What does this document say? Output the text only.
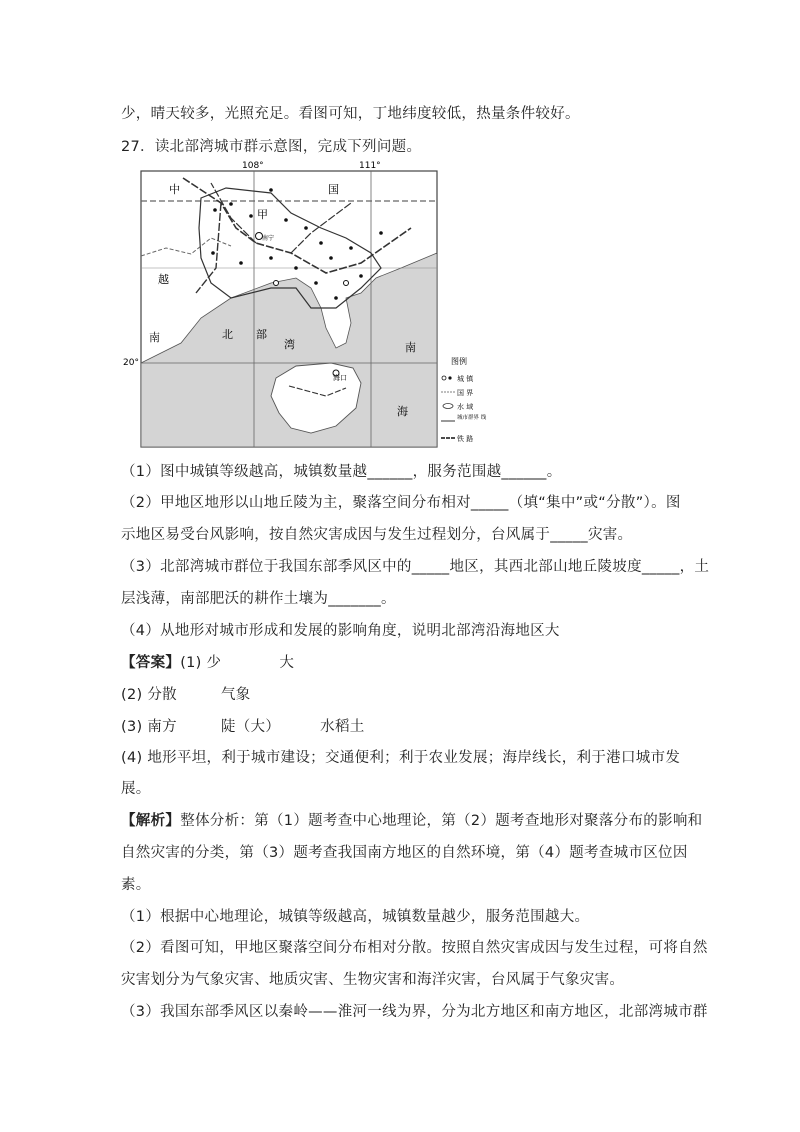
少，晴天较多，光照充足。看图可知，丁地纬度较低，热量条件较好。
27．读北部湾城市群示意图，完成下列问题。
108°	111°
20°
中	国
甲
南宁
越
南	北 部
湾
海口
南
海
图例
城 镇
国 界
水 域
城市群界 线
铁 路
（1）图中城镇等级越高，城镇数量越______，服务范围越______。
（2）甲地区地形以山地丘陵为主，聚落空间分布相对_____（填“集中”或“分散”）。图
示地区易受台风影响，按自然灾害成因与发生过程划分，台风属于_____灾害。
（3）北部湾城市群位于我国东部季风区中的_____地区，其西北部山地丘陵坡度_____，土
层浅薄，南部肥沃的耕作土壤为_______。
（4）从地形对城市形成和发展的影响角度，说明北部湾沿海地区大
【答案】(1) 少	大
(2) 分散	气象
(3) 南方	陡（大）	水稻土
(4) 地形平坦，利于城市建设；交通便利；利于农业发展；海岸线长，利于港口城市发
展。
【解析】整体分析：第（1）题考查中心地理论，第（2）题考查地形对聚落分布的影响和
自然灾害的分类，第（3）题考查我国南方地区的自然环境，第（4）题考查城市区位因
素。
（1）根据中心地理论，城镇等级越高，城镇数量越少，服务范围越大。
（2）看图可知，甲地区聚落空间分布相对分散。按照自然灾害成因与发生过程，可将自然
灾害划分为气象灾害、地质灾害、生物灾害和海洋灾害，台风属于气象灾害。
（3）我国东部季风区以秦岭——淮河一线为界，分为北方地区和南方地区，北部湾城市群
